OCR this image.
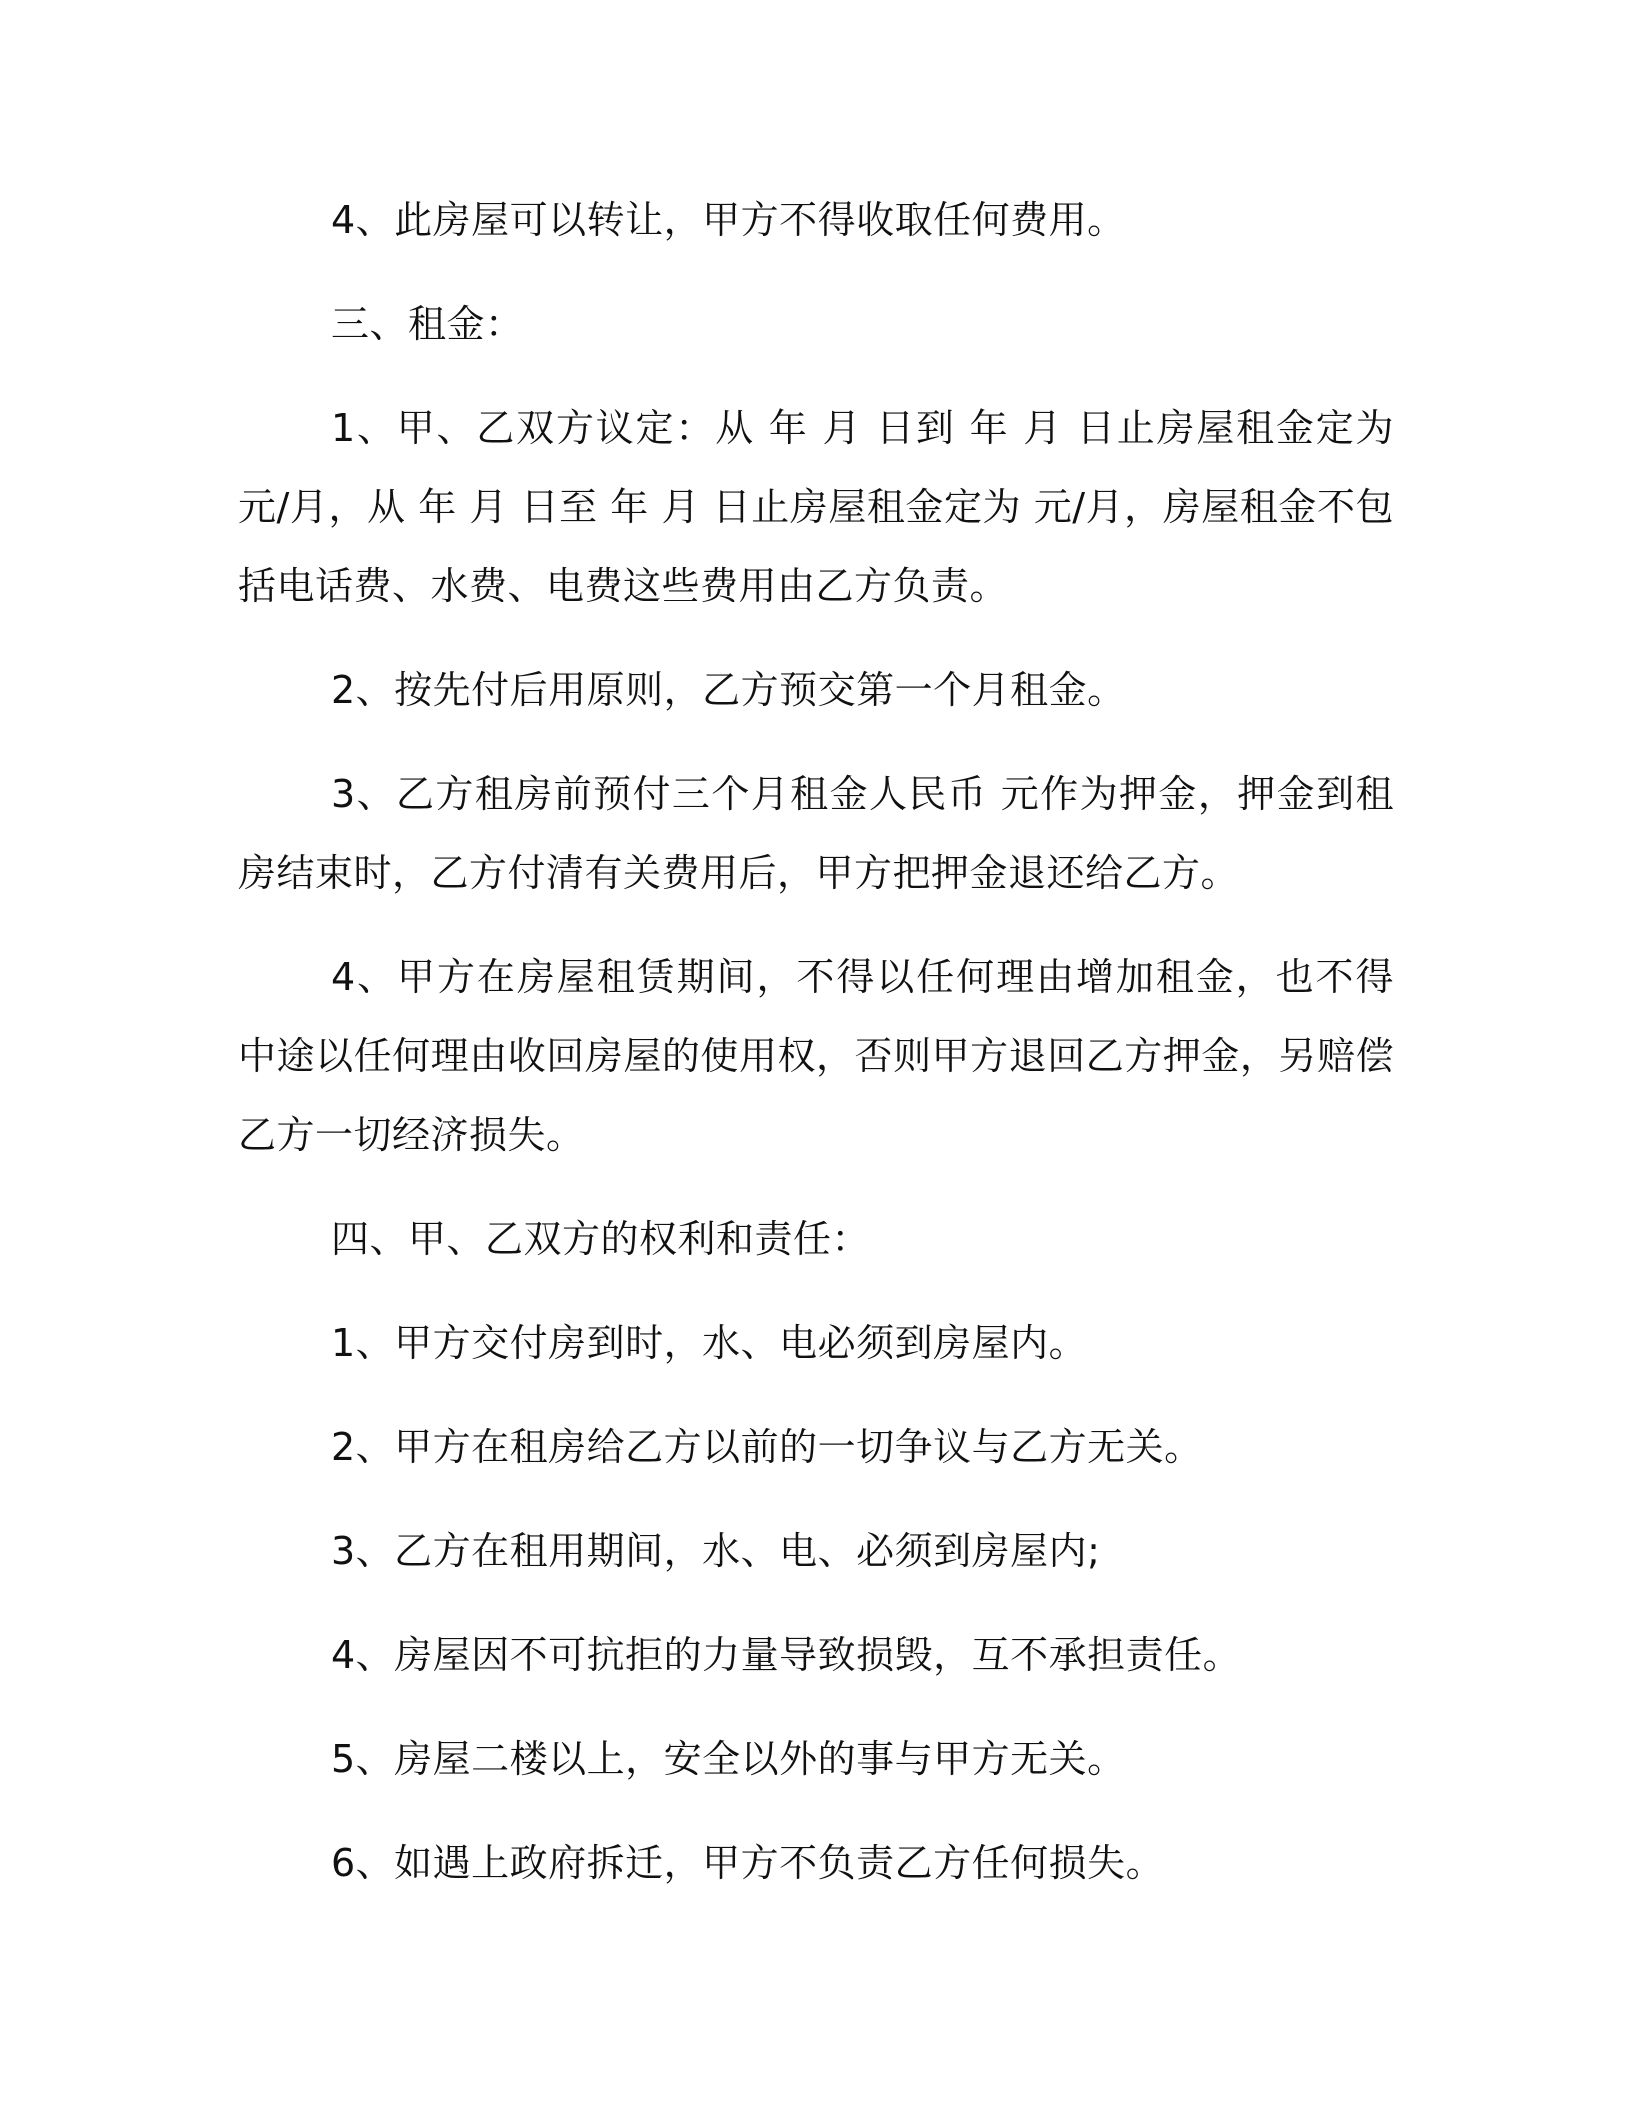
4、此房屋可以转让，甲方不得收取任何费用。

三、租金：

1、甲、乙双方议定：从 年 月 日到 年 月 日止房屋租金定为 元/月，从 年 月 日至 年 月 日止房屋租金定为 元/月，房屋租金不包括电话费、水费、电费这些费用由乙方负责。

2、按先付后用原则，乙方预交第一个月租金。

3、乙方租房前预付三个月租金人民币 元作为押金，押金到租房结束时，乙方付清有关费用后，甲方把押金退还给乙方。

4、甲方在房屋租赁期间，不得以任何理由增加租金，也不得中途以任何理由收回房屋的使用权，否则甲方退回乙方押金，另赔偿乙方一切经济损失。

四、甲、乙双方的权利和责任：

1、甲方交付房到时，水、电必须到房屋内。

2、甲方在租房给乙方以前的一切争议与乙方无关。

3、乙方在租用期间，水、电、必须到房屋内;

4、房屋因不可抗拒的力量导致损毁，互不承担责任。

5、房屋二楼以上，安全以外的事与甲方无关。

6、如遇上政府拆迁，甲方不负责乙方任何损失。
